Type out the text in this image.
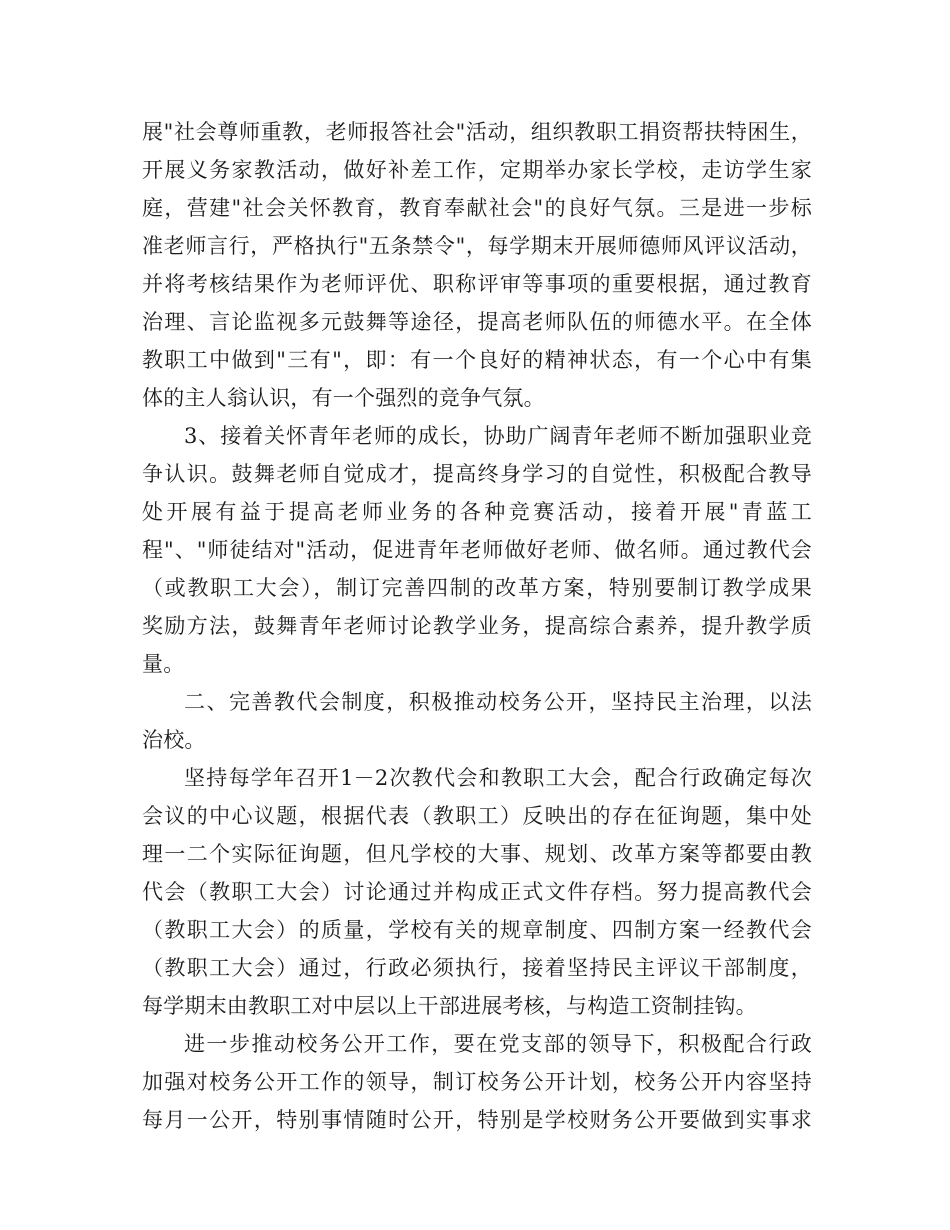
展"社会尊师重教，老师报答社会"活动，组织教职工捐资帮扶特困生，
开展义务家教活动，做好补差工作，定期举办家长学校，走访学生家
庭，营建"社会关怀教育，教育奉献社会"的良好气氛。三是进一步标
准老师言行，严格执行"五条禁令"，每学期末开展师德师风评议活动，
并将考核结果作为老师评优、职称评审等事项的重要根据，通过教育
治理、言论监视多元鼓舞等途径，提高老师队伍的师德水平。在全体
教职工中做到"三有"，即：有一个良好的精神状态，有一个心中有集
体的主人翁认识，有一个强烈的竞争气氛。
3、接着关怀青年老师的成长，协助广阔青年老师不断加强职业竞
争认识。鼓舞老师自觉成才，提高终身学习的自觉性，积极配合教导
处开展有益于提高老师业务的各种竞赛活动，接着开展"青蓝工
程"、"师徒结对"活动，促进青年老师做好老师、做名师。通过教代会
（或教职工大会），制订完善四制的改革方案，特别要制订教学成果
奖励方法，鼓舞青年老师讨论教学业务，提高综合素养，提升教学质
量。
二、完善教代会制度，积极推动校务公开，坚持民主治理，以法
治校。
坚持每学年召开1－2次教代会和教职工大会，配合行政确定每次
会议的中心议题，根据代表（教职工）反映出的存在征询题，集中处
理一二个实际征询题，但凡学校的大事、规划、改革方案等都要由教
代会（教职工大会）讨论通过并构成正式文件存档。努力提高教代会
（教职工大会）的质量，学校有关的规章制度、四制方案一经教代会
（教职工大会）通过，行政必须执行，接着坚持民主评议干部制度，
每学期末由教职工对中层以上干部进展考核，与构造工资制挂钩。
进一步推动校务公开工作，要在党支部的领导下，积极配合行政
加强对校务公开工作的领导，制订校务公开计划，校务公开内容坚持
每月一公开，特别事情随时公开，特别是学校财务公开要做到实事求
